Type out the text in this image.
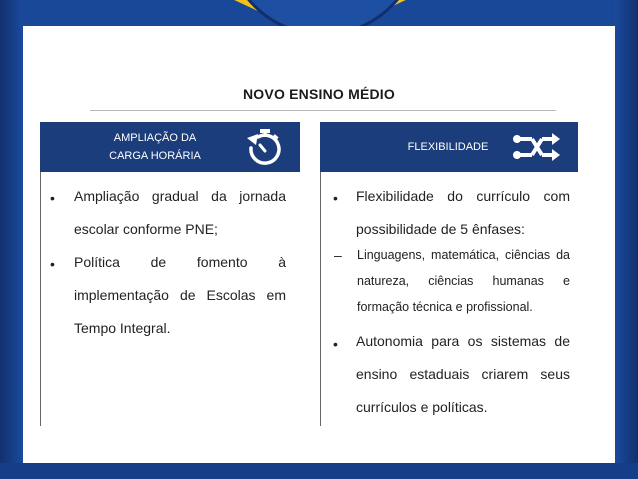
NOVO ENSINO MÉDIO
AMPLIAÇÃO DA
CARGA HORÁRIA
• Ampliação gradual da jornada escolar conforme PNE;
• Política de fomento à implementação de Escolas em Tempo Integral.
FLEXIBILIDADE
• Flexibilidade do currículo com possibilidade de 5 ênfases:
– Linguagens, matemática, ciências da natureza, ciências humanas e formação técnica e profissional.
• Autonomia para os sistemas de ensino estaduais criarem seus currículos e políticas.
